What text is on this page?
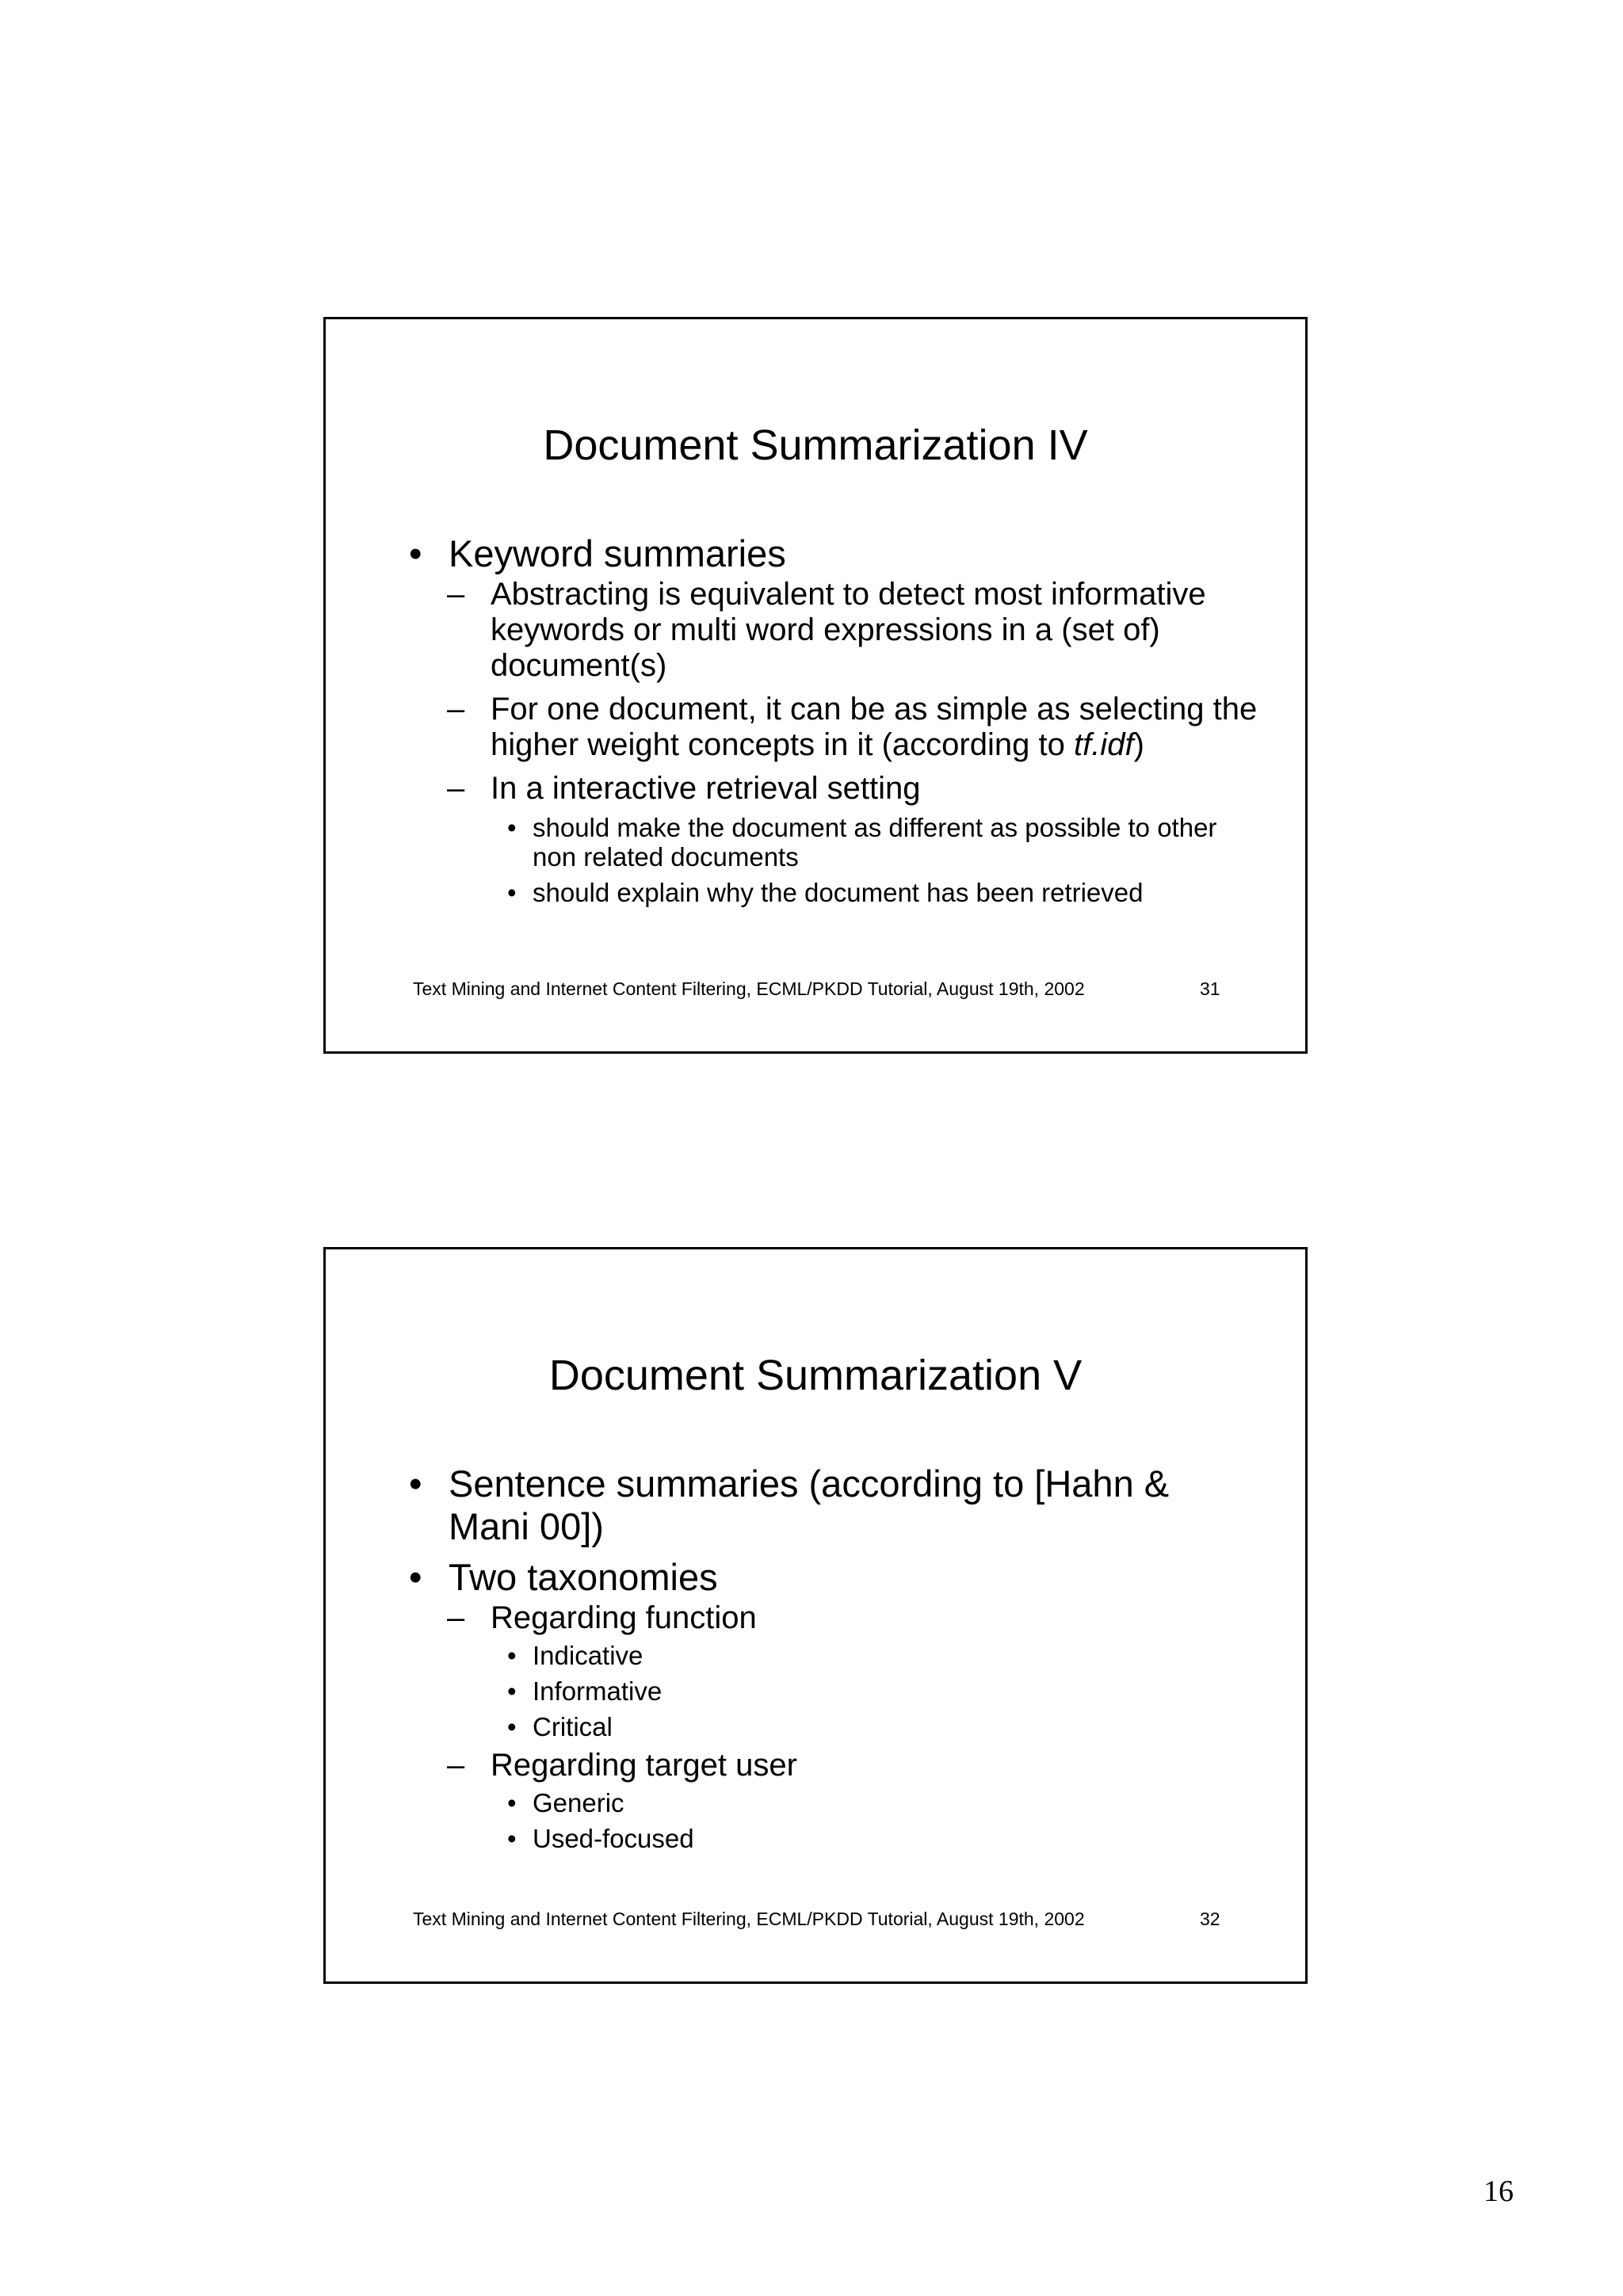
Document Summarization IV
• Keyword summaries
– Abstracting is equivalent to detect most informative keywords or multi word expressions in a (set of) document(s)
– For one document, it can be as simple as selecting the higher weight concepts in it (according to tf.idf)
– In a interactive retrieval setting
• should make the document as different as possible to other non related documents
• should explain why the document has been retrieved
Text Mining and Internet Content Filtering, ECML/PKDD Tutorial, August 19th, 2002	31
Document Summarization V
• Sentence summaries (according to [Hahn & Mani 00])
• Two taxonomies
– Regarding function
• Indicative
• Informative
• Critical
– Regarding target user
• Generic
• Used-focused
Text Mining and Internet Content Filtering, ECML/PKDD Tutorial, August 19th, 2002	32
16
